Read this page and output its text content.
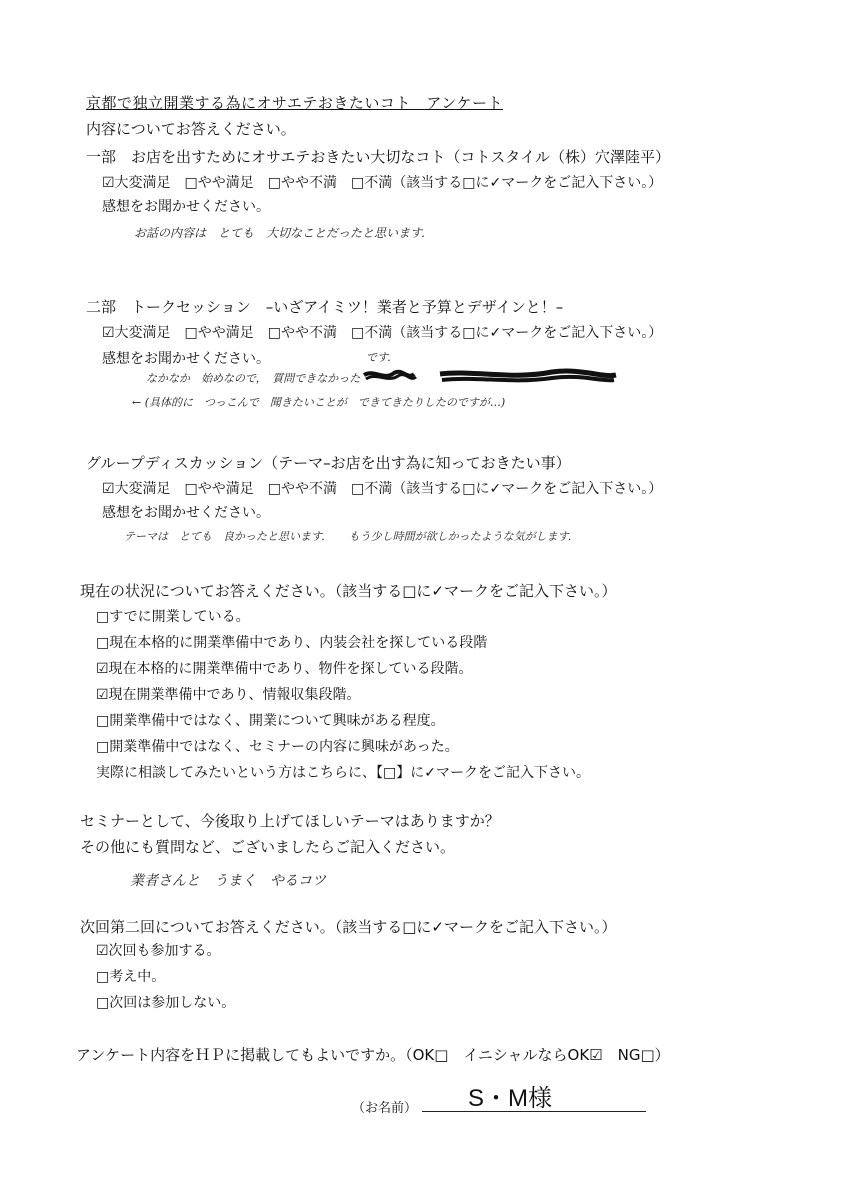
京都で独立開業する為にオサエテおきたいコト　アンケート
内容についてお答えください。
一部　お店を出すためにオサエテおきたい大切なコト（コトスタイル（株）穴澤陸平）
☑大変満足　□やや満足　□やや不満　□不満（該当する□に✓マークをご記入下さい。）
感想をお聞かせください。
お話の内容は　とても　大切なことだったと思います．
二部　トークセッション　–いざアイミツ！業者と予算とデザインと！–
☑大変満足　□やや満足　□やや不満　□不満（該当する□に✓マークをご記入下さい。）
感想をお聞かせください。	です．
なかなか　始めなので，　質問できなかった
← (具体的に　つっこんで　聞きたいことが　できてきたりしたのですが…)
グループディスカッション（テーマ–お店を出す為に知っておきたい事）
☑大変満足　□やや満足　□やや不満　□不満（該当する□に✓マークをご記入下さい。）
感想をお聞かせください。
テーマは　とても　良かったと思います．　　もう少し時間が欲しかったような気がします．
現在の状況についてお答えください。（該当する□に✓マークをご記入下さい。）
□すでに開業している。
□現在本格的に開業準備中であり、内装会社を探している段階
☑現在本格的に開業準備中であり、物件を探している段階。
☑現在開業準備中であり、情報収集段階。
□開業準備中ではなく、開業について興味がある程度。
□開業準備中ではなく、セミナーの内容に興味があった。
実際に相談してみたいという方はこちらに、【□】に✓マークをご記入下さい。
セミナーとして、今後取り上げてほしいテーマはありますか？
その他にも質問など、ございましたらご記入ください。
業者さんと　うまく　やるコツ
次回第二回についてお答えください。（該当する□に✓マークをご記入下さい。）
☑次回も参加する。
□考え中。
□次回は参加しない。
アンケート内容をＨＰに掲載してもよいですか。（OK□　イニシャルならOK☑　NG□）
（お名前） S・M様
